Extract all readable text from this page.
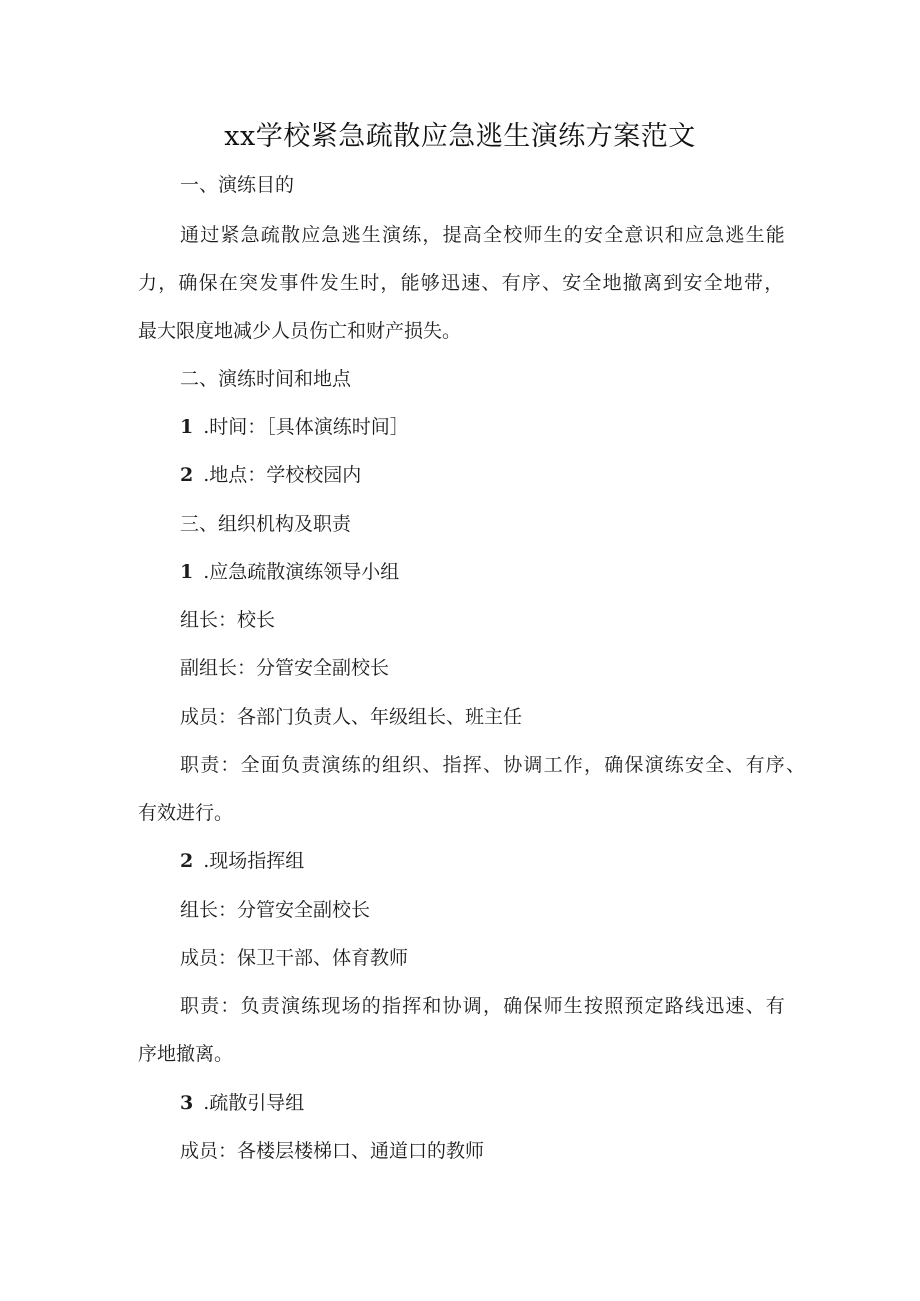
xx学校紧急疏散应急逃生演练方案范文
一、演练目的
通过紧急疏散应急逃生演练，提高全校师生的安全意识和应急逃生能
力，确保在突发事件发生时，能够迅速、有序、安全地撤离到安全地带，
最大限度地减少人员伤亡和财产损失。
二、演练时间和地点
1 .时间：［具体演练时间］
2 .地点：学校校园内
三、组织机构及职责
1 .应急疏散演练领导小组
组长：校长
副组长：分管安全副校长
成员：各部门负责人、年级组长、班主任
职责：全面负责演练的组织、指挥、协调工作，确保演练安全、有序、
有效进行。
2 .现场指挥组
组长：分管安全副校长
成员：保卫干部、体育教师
职责：负责演练现场的指挥和协调，确保师生按照预定路线迅速、有
序地撤离。
3 .疏散引导组
成员：各楼层楼梯口、通道口的教师
